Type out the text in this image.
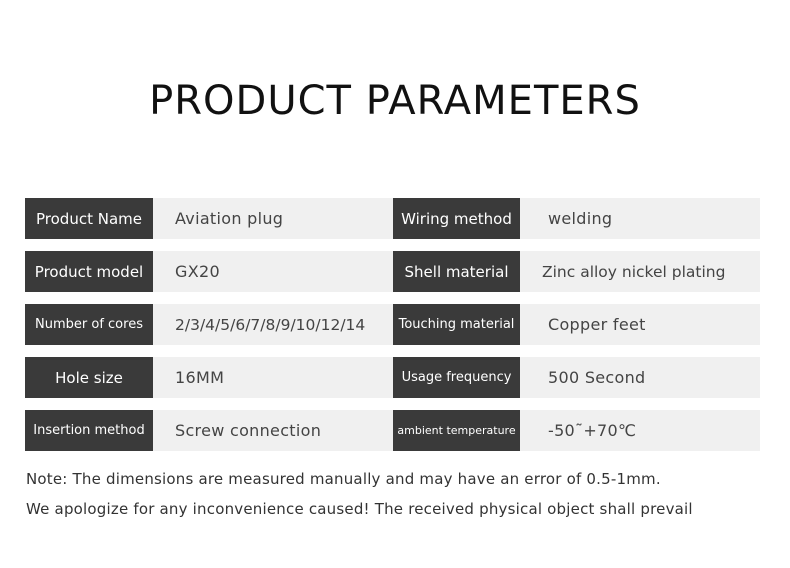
PRODUCT PARAMETERS
Product Name	Aviation plug	Wiring method	welding
Product model	GX20	Shell material	Zinc alloy nickel plating
Number of cores	2/3/4/5/6/7/8/9/10/12/14	Touching material	Copper feet
Hole size	16MM	Usage frequency	500 Second
Insertion method	Screw connection	ambient temperature	-50˜+70℃
Note: The dimensions are measured manually and may have an error of 0.5-1mm.
We apologize for any inconvenience caused! The received physical object shall prevail
